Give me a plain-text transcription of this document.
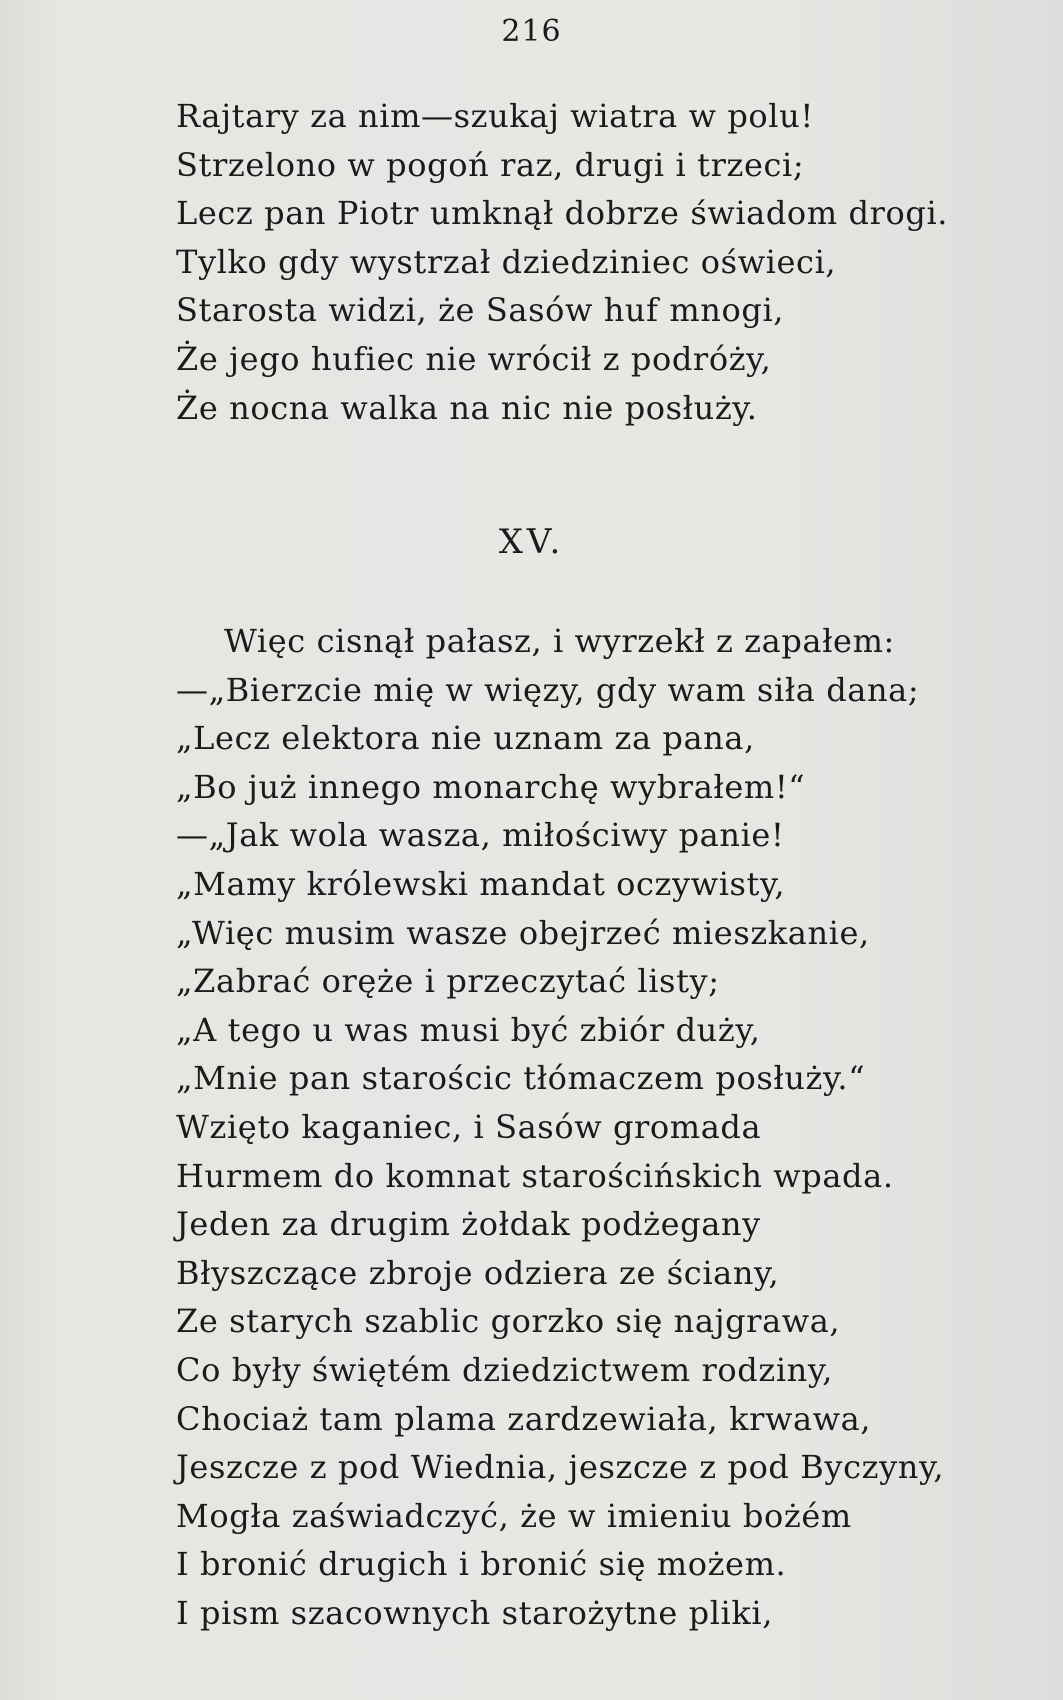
216
Rajtary za nim—szukaj wiatra w polu!
Strzelono w pogoń raz, drugi i trzeci;
Lecz pan Piotr umknął dobrze świadom drogi.
Tylko gdy wystrzał dziedziniec oświeci,
Starosta widzi, że Sasów huf mnogi,
Że jego hufiec nie wrócił z podróży,
Że nocna walka na nic nie posłuży.
XV.
Więc cisnął pałasz, i wyrzekł z zapałem:
—„Bierzcie mię w więzy, gdy wam siła dana;
„Lecz elektora nie uznam za pana,
„Bo już innego monarchę wybrałem!“
—„Jak wola wasza, miłościwy panie!
„Mamy królewski mandat oczywisty,
„Więc musim wasze obejrzeć mieszkanie,
„Zabrać oręże i przeczytać listy;
„A tego u was musi być zbiór duży,
„Mnie pan starościc tłómaczem posłuży.“
Wzięto kaganiec, i Sasów gromada
Hurmem do komnat starościńskich wpada.
Jeden za drugim żołdak podżegany
Błyszczące zbroje odziera ze ściany,
Ze starych szablic gorzko się najgrawa,
Co były świętém dziedzictwem rodziny,
Chociaż tam plama zardzewiała, krwawa,
Jeszcze z pod Wiednia, jeszcze z pod Byczyny,
Mogła zaświadczyć, że w imieniu bożém
I bronić drugich i bronić się możem.
I pism szacownych starożytne pliki,
